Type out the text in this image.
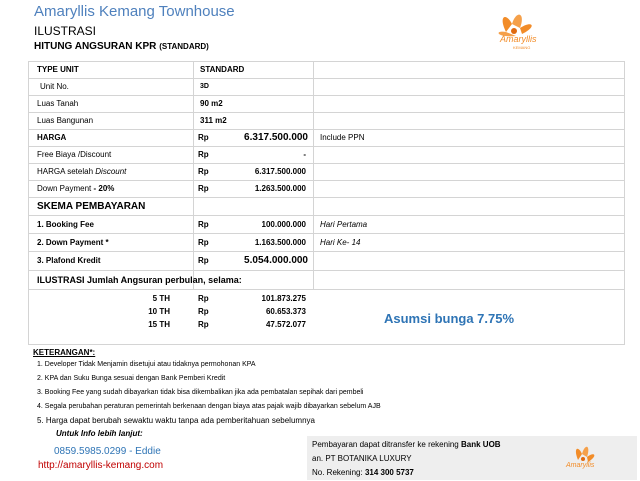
Amaryllis Kemang Townhouse
ILUSTRASI
HITUNG ANGSURAN KPR (STANDARD)
Amaryllis
KEMANG
TYPE UNIT	STANDARD
Unit No.	3D
Luas Tanah	90 m2
Luas Bangunan	311 m2
HARGA	Rp	6.317.500.000 Include PPN
Free Biaya /Discount	Rp	-
HARGA setelah Discount	Rp	6.317.500.000
Down Payment - 20%	Rp	1.263.500.000
SKEMA PEMBAYARAN
1. Booking Fee	Rp	100.000.000 Hari Pertama
2. Down Payment *	Rp	1.163.500.000 Hari Ke- 14
3. Plafond Kredit	Rp	5.054.000.000
ILUSTRASI Jumlah Angsuran perbulan, selama:
5 TH	Rp	101.873.275
10 TH	Rp	60.653.373
15 TH	Rp	47.572.077	Asumsi bunga 7.75%
KETERANGAN*:
1. Developer Tidak Menjamin disetujui atau tidaknya permohonan KPA
2. KPA dan Suku Bunga sesuai dengan Bank Pemberi Kredit
3. Booking Fee yang sudah dibayarkan tidak bisa dikembalikan jika ada pembatalan sepihak dari pembeli
4. Segala perubahan peraturan pemerintah berkenaan dengan biaya atas pajak wajib dibayarkan sebelum AJB
5. Harga dapat berubah sewaktu waktu tanpa ada pemberitahuan sebelumnya
Untuk Info lebih lanjut:
0859.5985.0299 - Eddie
http://amaryllis-kemang.com
Pembayaran dapat ditransfer ke rekening Bank UOB
an. PT BOTANIKA LUXURY
No. Rekening: 314 300 5737
Amaryllis
